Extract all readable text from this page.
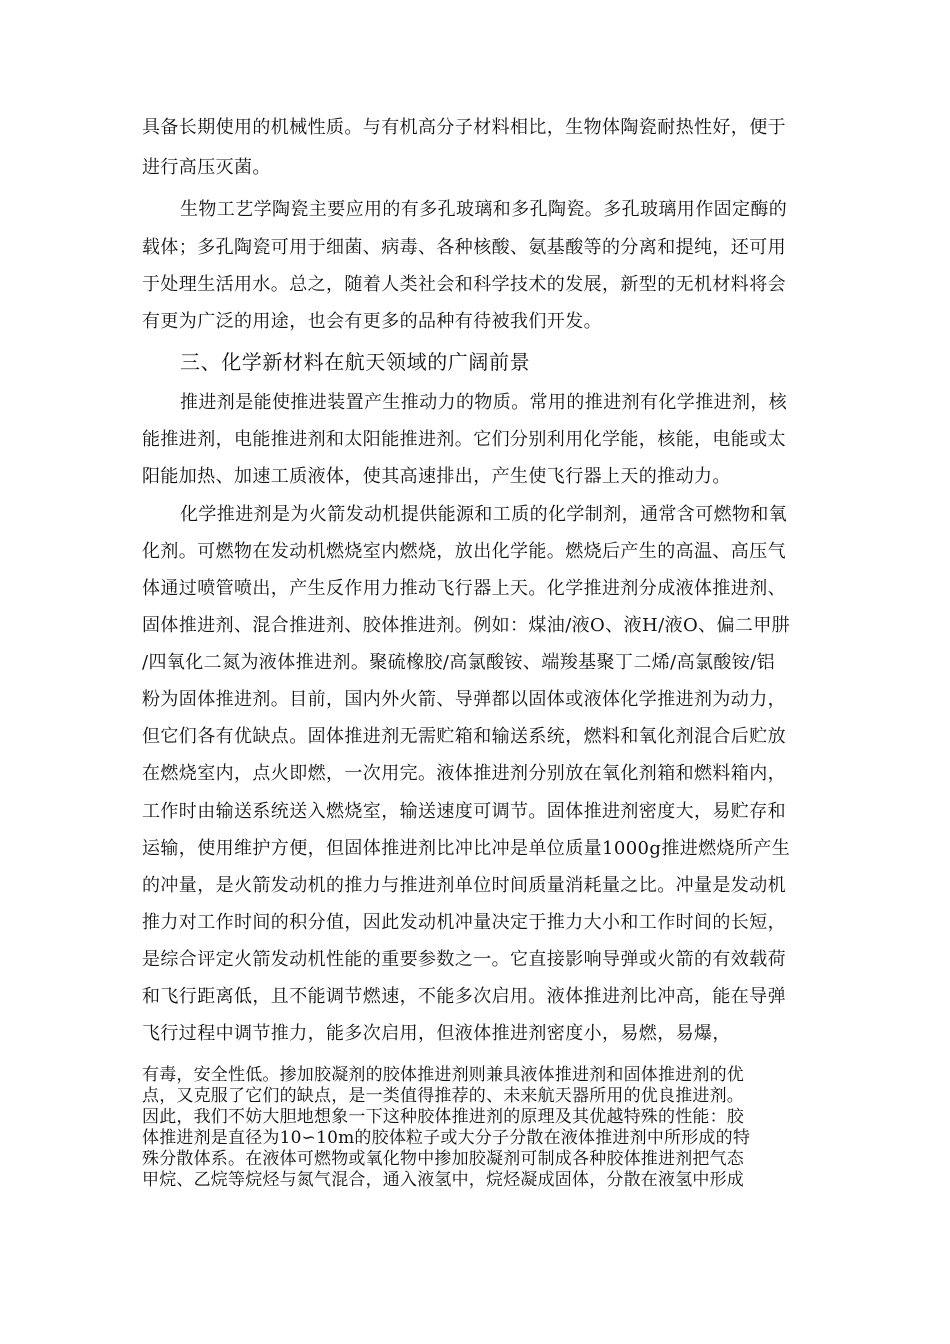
具备长期使用的机械性质。与有机高分子材料相比，生物体陶瓷耐热性好，便于
进行高压灭菌。
生物工艺学陶瓷主要应用的有多孔玻璃和多孔陶瓷。多孔玻璃用作固定酶的
载体；多孔陶瓷可用于细菌、病毒、各种核酸、氨基酸等的分离和提纯，还可用
于处理生活用水。总之，随着人类社会和科学技术的发展，新型的无机材料将会
有更为广泛的用途，也会有更多的品种有待被我们开发。
三、化学新材料在航天领域的广阔前景
推进剂是能使推进装置产生推动力的物质。常用的推进剂有化学推进剂，核
能推进剂，电能推进剂和太阳能推进剂。它们分别利用化学能，核能，电能或太
阳能加热、加速工质液体，使其高速排出，产生使飞行器上天的推动力。
化学推进剂是为火箭发动机提供能源和工质的化学制剂，通常含可燃物和氧
化剂。可燃物在发动机燃烧室内燃烧，放出化学能。燃烧后产生的高温、高压气
体通过喷管喷出，产生反作用力推动飞行器上天。化学推进剂分成液体推进剂、
固体推进剂、混合推进剂、胶体推进剂。例如：煤油/液O、液H/液O、偏二甲肼
/四氧化二氮为液体推进剂。聚硫橡胶/高氯酸铵、端羧基聚丁二烯/高氯酸铵/铝
粉为固体推进剂。目前，国内外火箭、导弹都以固体或液体化学推进剂为动力，
但它们各有优缺点。固体推进剂无需贮箱和输送系统，燃料和氧化剂混合后贮放
在燃烧室内，点火即燃，一次用完。液体推进剂分别放在氧化剂箱和燃料箱内，
工作时由输送系统送入燃烧室，输送速度可调节。固体推进剂密度大，易贮存和
运输，使用维护方便，但固体推进剂比冲比冲是单位质量1000g推进燃烧所产生
的冲量，是火箭发动机的推力与推进剂单位时间质量消耗量之比。冲量是发动机
推力对工作时间的积分值，因此发动机冲量决定于推力大小和工作时间的长短，
是综合评定火箭发动机性能的重要参数之一。它直接影响导弹或火箭的有效载荷
和飞行距离低，且不能调节燃速，不能多次启用。液体推进剂比冲高，能在导弹
飞行过程中调节推力，能多次启用，但液体推进剂密度小，易燃，易爆，
有毒，安全性低。掺加胶凝剂的胶体推进剂则兼具液体推进剂和固体推进剂的优
点，又克服了它们的缺点，是一类值得推荐的、未来航天器所用的优良推进剂。
因此，我们不妨大胆地想象一下这种胶体推进剂的原理及其优越特殊的性能：胶
体推进剂是直径为10∽10m的胶体粒子或大分子分散在液体推进剂中所形成的特
殊分散体系。在液体可燃物或氧化物中掺加胶凝剂可制成各种胶体推进剂把气态
甲烷、乙烷等烷烃与氮气混合，通入液氢中，烷烃凝成固体，分散在液氢中形成
